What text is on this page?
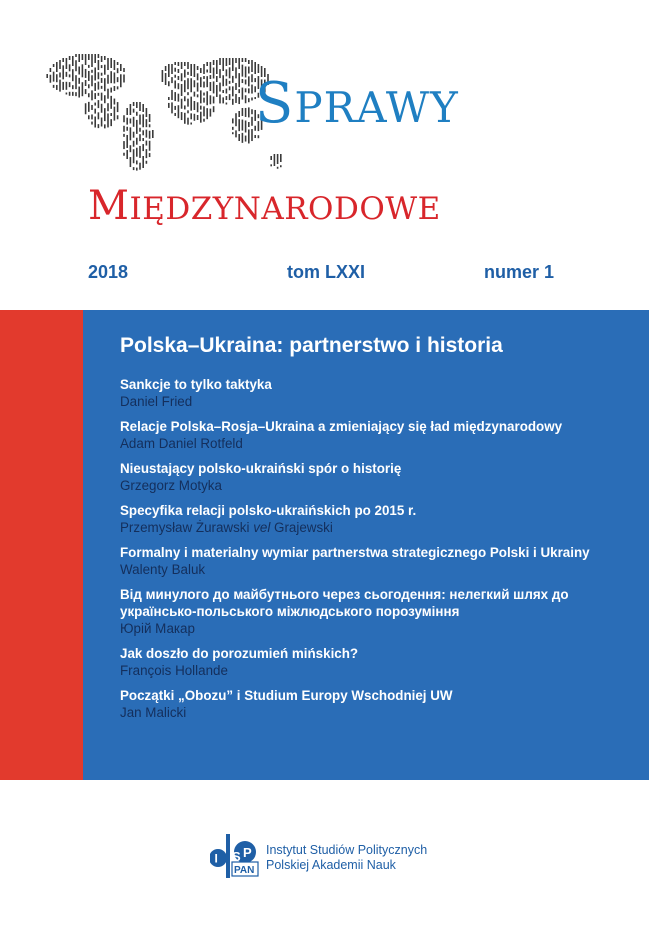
SPRAWY
MIĘDZYNARODOWE
2018	tom LXXI	numer 1
Polska–Ukraina: partnerstwo i historia
Sankcje to tylko taktyka
Daniel Fried
Relacje Polska–Rosja–Ukraina a zmieniający się ład międzynarodowy
Adam Daniel Rotfeld
Nieustający polsko-ukraiński spór o historię
Grzegorz Motyka
Specyfika relacji polsko-ukraińskich po 2015 r.
Przemysław Żurawski vel Grajewski
Formalny i materialny wymiar partnerstwa strategicznego Polski i Ukrainy
Walenty Baluk
Від минулого до майбутнього через сьогодення: нелегкий шлях до українсько-польського міжлюдського порозуміння
Юрій Макар
Jak doszło do porozumień mińskich?
François Hollande
Początki „Obozu” i Studium Europy Wschodniej UW
Jan Malicki
I S P
PAN
Instytut Studiów Politycznych
Polskiej Akademii Nauk
